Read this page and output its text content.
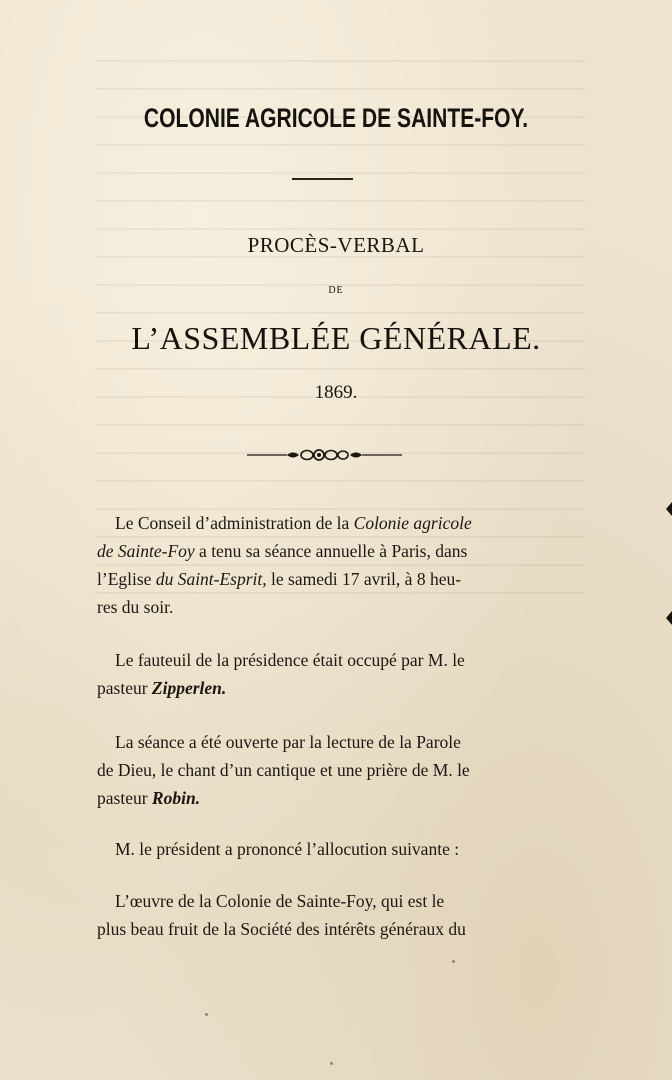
COLONIE AGRICOLE DE SAINTE-FOY.
PROCÈS-VERBAL
DE
L’ASSEMBLÉE GÉNÉRALE.
1869.
Le Conseil d’administration de la Colonie agricole
de Sainte-Foy a tenu sa séance annuelle à Paris, dans
l’Eglise du Saint-Esprit, le samedi 17 avril, à 8 heu-
res du soir.
Le fauteuil de la présidence était occupé par M. le
pasteur Zipperlen.
La séance a été ouverte par la lecture de la Parole
de Dieu, le chant d’un cantique et une prière de M. le
pasteur Robin.
M. le président a prononcé l’allocution suivante :
L’œuvre de la Colonie de Sainte-Foy, qui est le
plus beau fruit de la Société des intérêts généraux du
